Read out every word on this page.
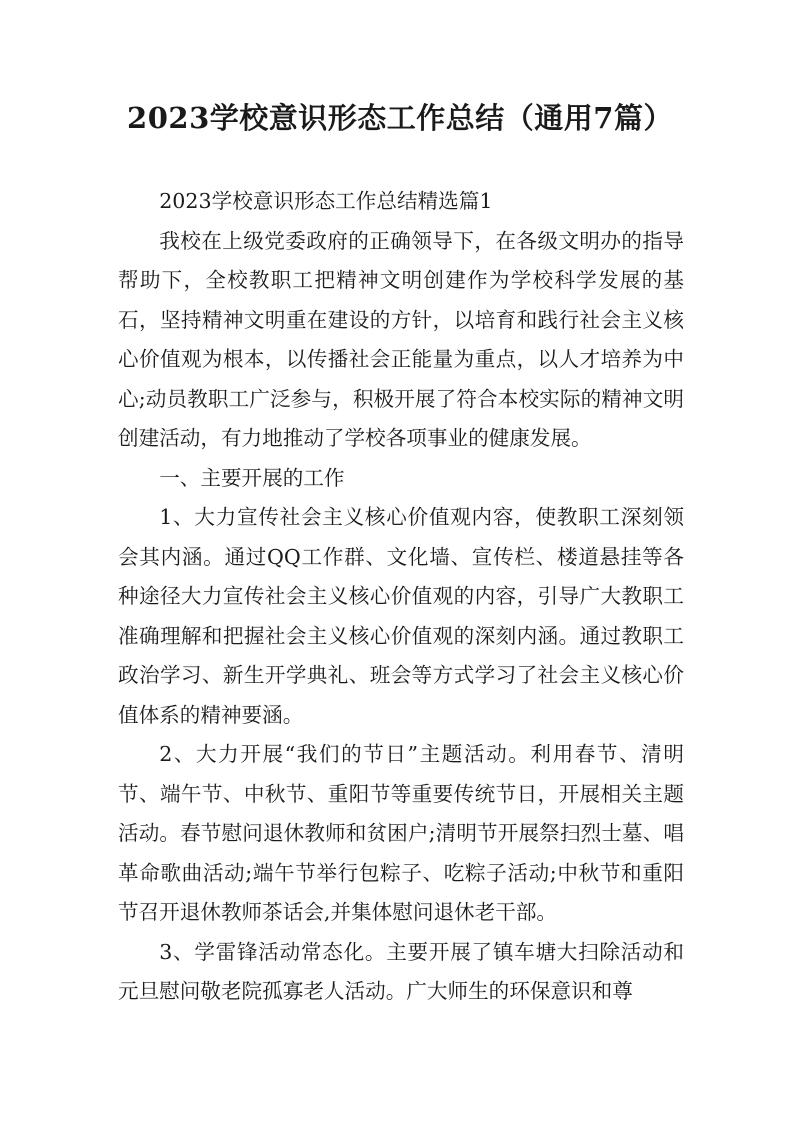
2023学校意识形态工作总结（通用7篇）

2023学校意识形态工作总结精选篇1

我校在上级党委政府的正确领导下，在各级文明办的指导帮助下，全校教职工把精神文明创建作为学校科学发展的基石，坚持精神文明重在建设的方针，以培育和践行社会主义核心价值观为根本，以传播社会正能量为重点，以人才培养为中心;动员教职工广泛参与，积极开展了符合本校实际的精神文明创建活动，有力地推动了学校各项事业的健康发展。

一、主要开展的工作

1、大力宣传社会主义核心价值观内容，使教职工深刻领会其内涵。通过QQ工作群、文化墙、宣传栏、楼道悬挂等各种途径大力宣传社会主义核心价值观的内容，引导广大教职工准确理解和把握社会主义核心价值观的深刻内涵。通过教职工政治学习、新生开学典礼、班会等方式学习了社会主义核心价值体系的精神要涵。

2、大力开展“我们的节日”主题活动。利用春节、清明节、端午节、中秋节、重阳节等重要传统节日，开展相关主题活动。春节慰问退休教师和贫困户;清明节开展祭扫烈士墓、唱革命歌曲活动;端午节举行包粽子、吃粽子活动;中秋节和重阳节召开退休教师茶话会,并集体慰问退休老干部。

3、学雷锋活动常态化。主要开展了镇车塘大扫除活动和元旦慰问敬老院孤寡老人活动。广大师生的环保意识和尊
